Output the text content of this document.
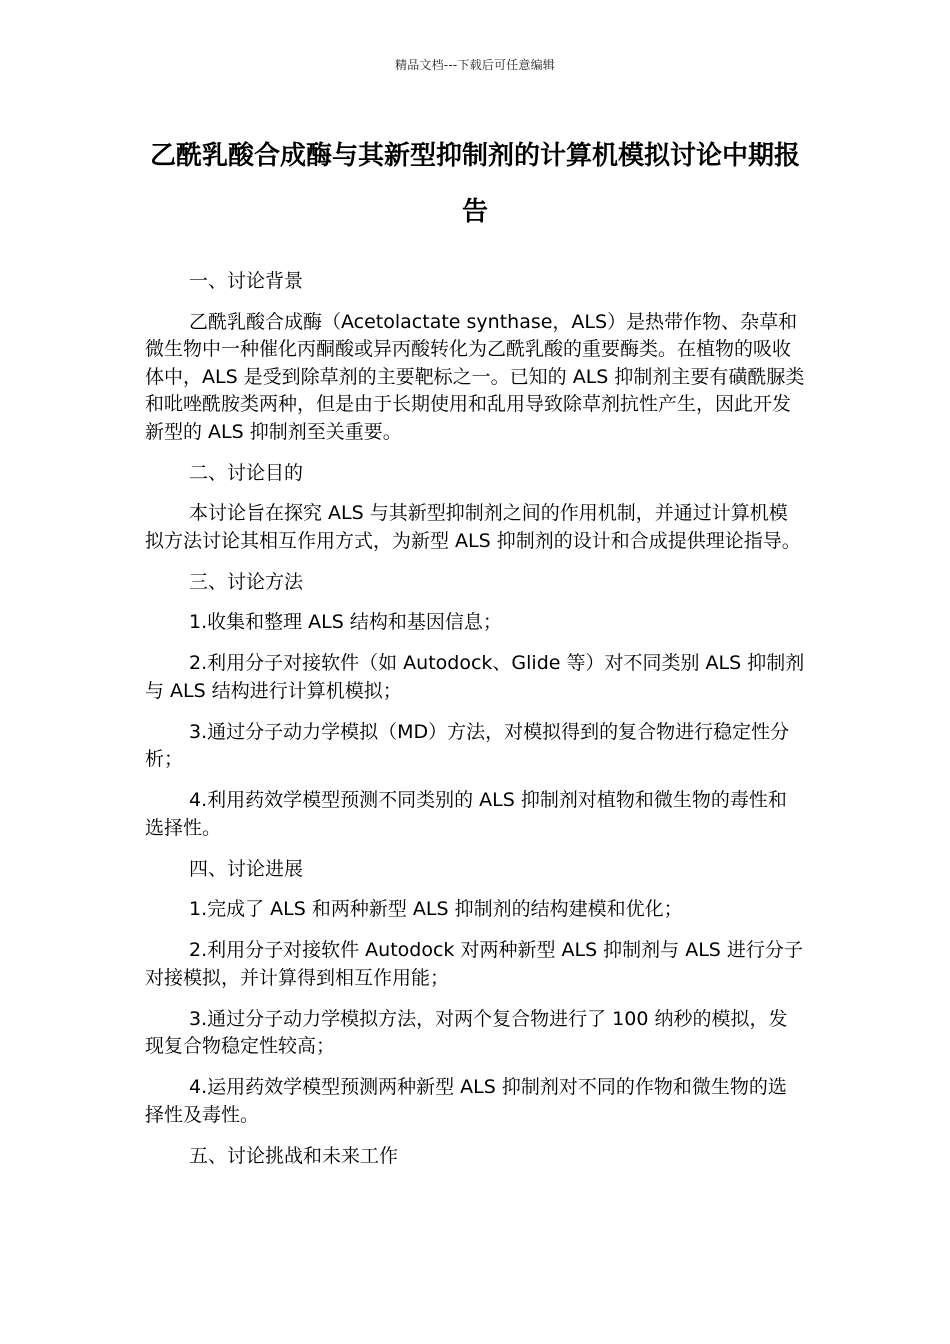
精品文档---下载后可任意编辑
乙酰乳酸合成酶与其新型抑制剂的计算机模拟讨论中期报告

一、讨论背景

乙酰乳酸合成酶（Acetolactate synthase，ALS）是热带作物、杂草和微生物中一种催化丙酮酸或异丙酸转化为乙酰乳酸的重要酶类。在植物的吸收体中，ALS 是受到除草剂的主要靶标之一。已知的 ALS 抑制剂主要有磺酰脲类和吡唑酰胺类两种，但是由于长期使用和乱用导致除草剂抗性产生，因此开发新型的 ALS 抑制剂至关重要。

二、讨论目的

本讨论旨在探究 ALS 与其新型抑制剂之间的作用机制，并通过计算机模拟方法讨论其相互作用方式，为新型 ALS 抑制剂的设计和合成提供理论指导。

三、讨论方法

1.收集和整理 ALS 结构和基因信息；

2.利用分子对接软件（如 Autodock、Glide 等）对不同类别 ALS 抑制剂与 ALS 结构进行计算机模拟；

3.通过分子动力学模拟（MD）方法，对模拟得到的复合物进行稳定性分析；

4.利用药效学模型预测不同类别的 ALS 抑制剂对植物和微生物的毒性和选择性。

四、讨论进展

1.完成了 ALS 和两种新型 ALS 抑制剂的结构建模和优化；

2.利用分子对接软件 Autodock 对两种新型 ALS 抑制剂与 ALS 进行分子对接模拟，并计算得到相互作用能；

3.通过分子动力学模拟方法，对两个复合物进行了 100 纳秒的模拟，发现复合物稳定性较高；

4.运用药效学模型预测两种新型 ALS 抑制剂对不同的作物和微生物的选择性及毒性。

五、讨论挑战和未来工作
